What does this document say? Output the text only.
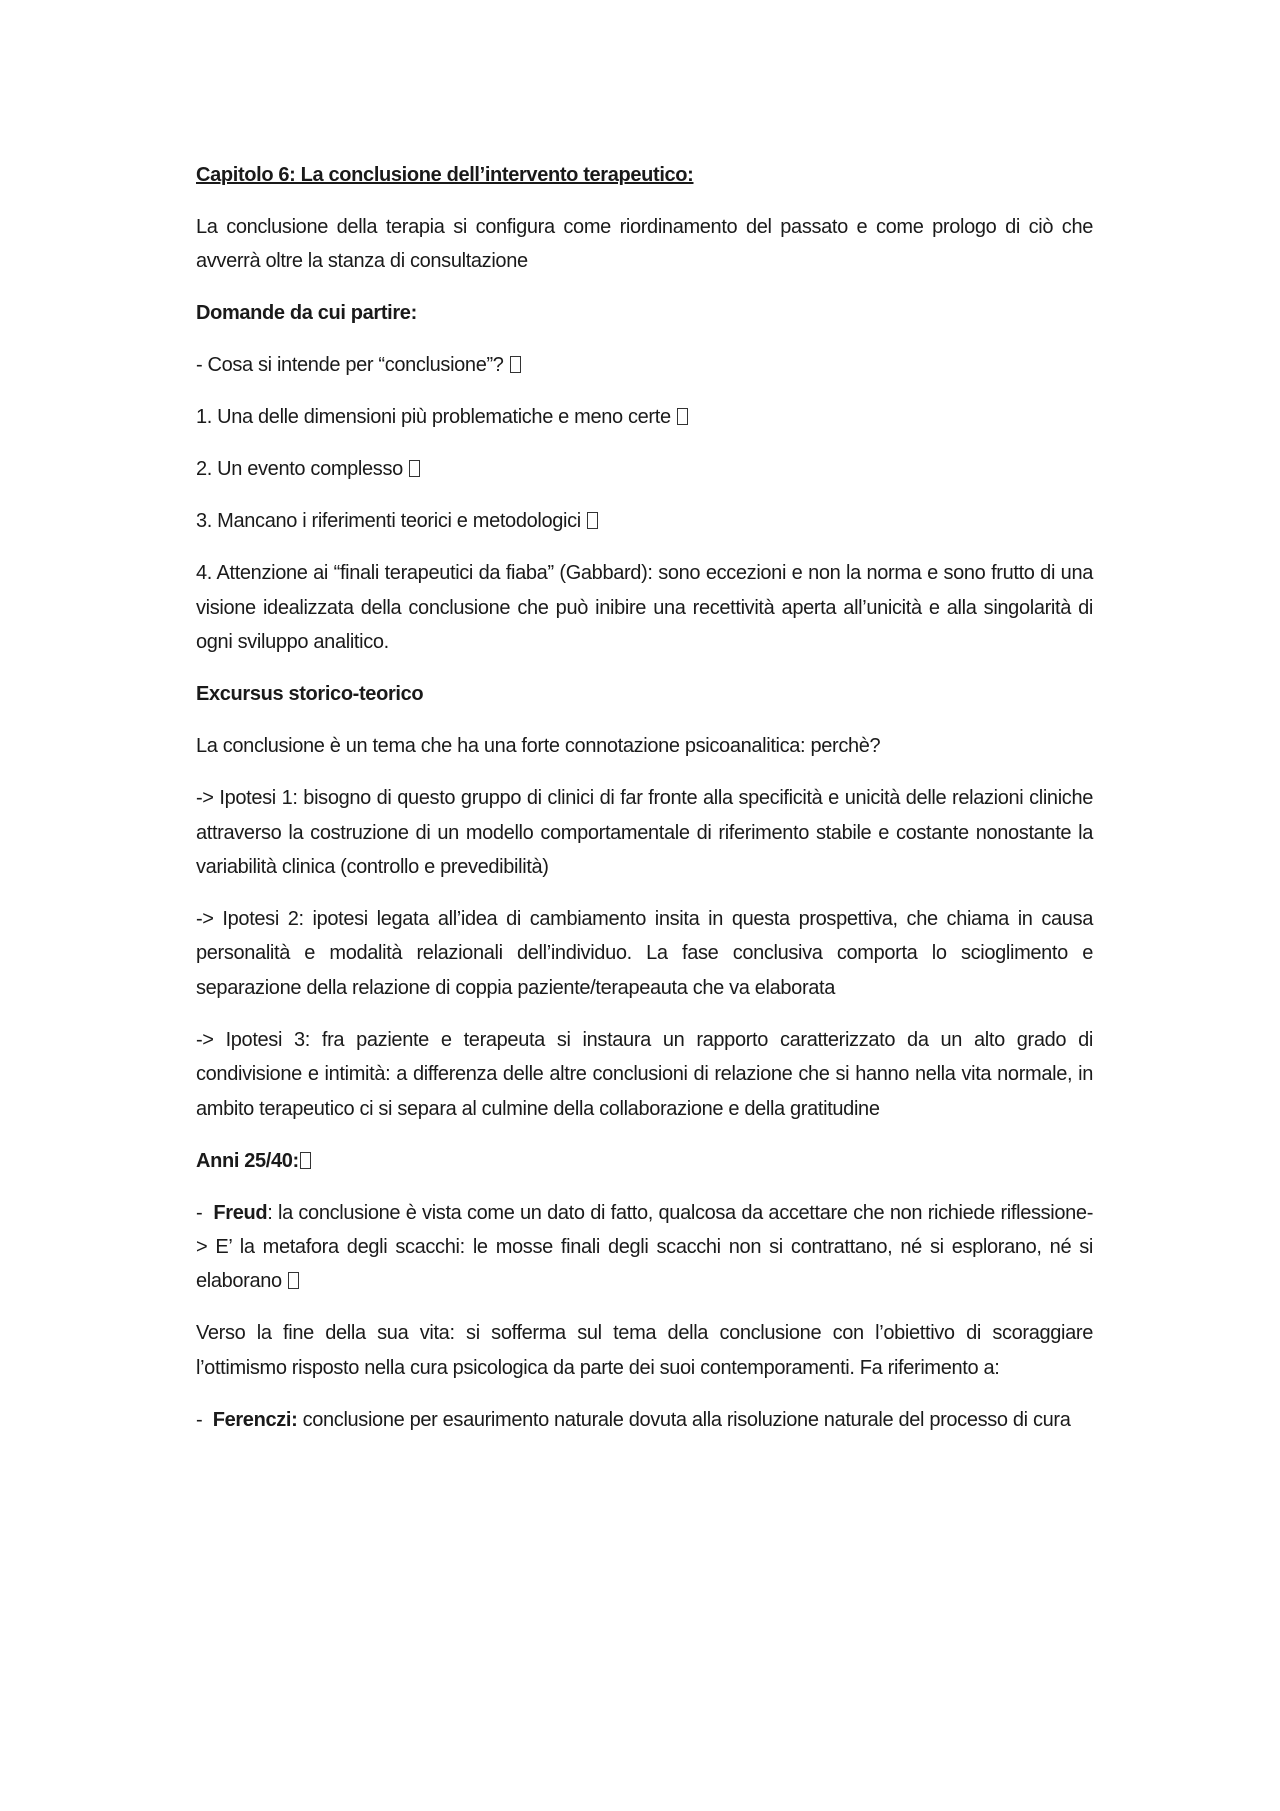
Capitolo 6: La conclusione dell’intervento terapeutico:

La conclusione della terapia si configura come riordinamento del passato e come prologo di ciò che avverrà oltre la stanza di consultazione

Domande da cui partire:

- Cosa si intende per “conclusione”?

1. Una delle dimensioni più problematiche e meno certe

2. Un evento complesso

3. Mancano i riferimenti teorici e metodologici

4. Attenzione ai “finali terapeutici da fiaba” (Gabbard): sono eccezioni e non la norma e sono frutto di una visione idealizzata della conclusione che può inibire una recettività aperta all’unicità e alla singolarità di ogni sviluppo analitico.

Excursus storico-teorico

La conclusione è un tema che ha una forte connotazione psicoanalitica: perchè?

-> Ipotesi 1: bisogno di questo gruppo di clinici di far fronte alla specificità e unicità delle relazioni cliniche attraverso la costruzione di un modello comportamentale di riferimento stabile e costante nonostante la variabilità clinica (controllo e prevedibilità)

-> Ipotesi 2: ipotesi legata all’idea di cambiamento insita in questa prospettiva, che chiama in causa personalità e modalità relazionali dell’individuo. La fase conclusiva comporta lo scioglimento e separazione della relazione di coppia paziente/terapeauta che va elaborata

-> Ipotesi 3: fra paziente e terapeuta si instaura un rapporto caratterizzato da un alto grado di condivisione e intimità: a differenza delle altre conclusioni di relazione che si hanno nella vita normale, in ambito terapeutico ci si separa al culmine della collaborazione e della gratitudine

Anni 25/40:

-  Freud: la conclusione è vista come un dato di fatto, qualcosa da accettare che non richiede riflessione-> E’ la metafora degli scacchi: le mosse finali degli scacchi non si contrattano, né si esplorano, né si elaborano

Verso la fine della sua vita: si sofferma sul tema della conclusione con l’obiettivo di scoraggiare l’ottimismo risposto nella cura psicologica da parte dei suoi contemporamenti. Fa riferimento a:

-  Ferenczi: conclusione per esaurimento naturale dovuta alla risoluzione naturale del processo di cura
